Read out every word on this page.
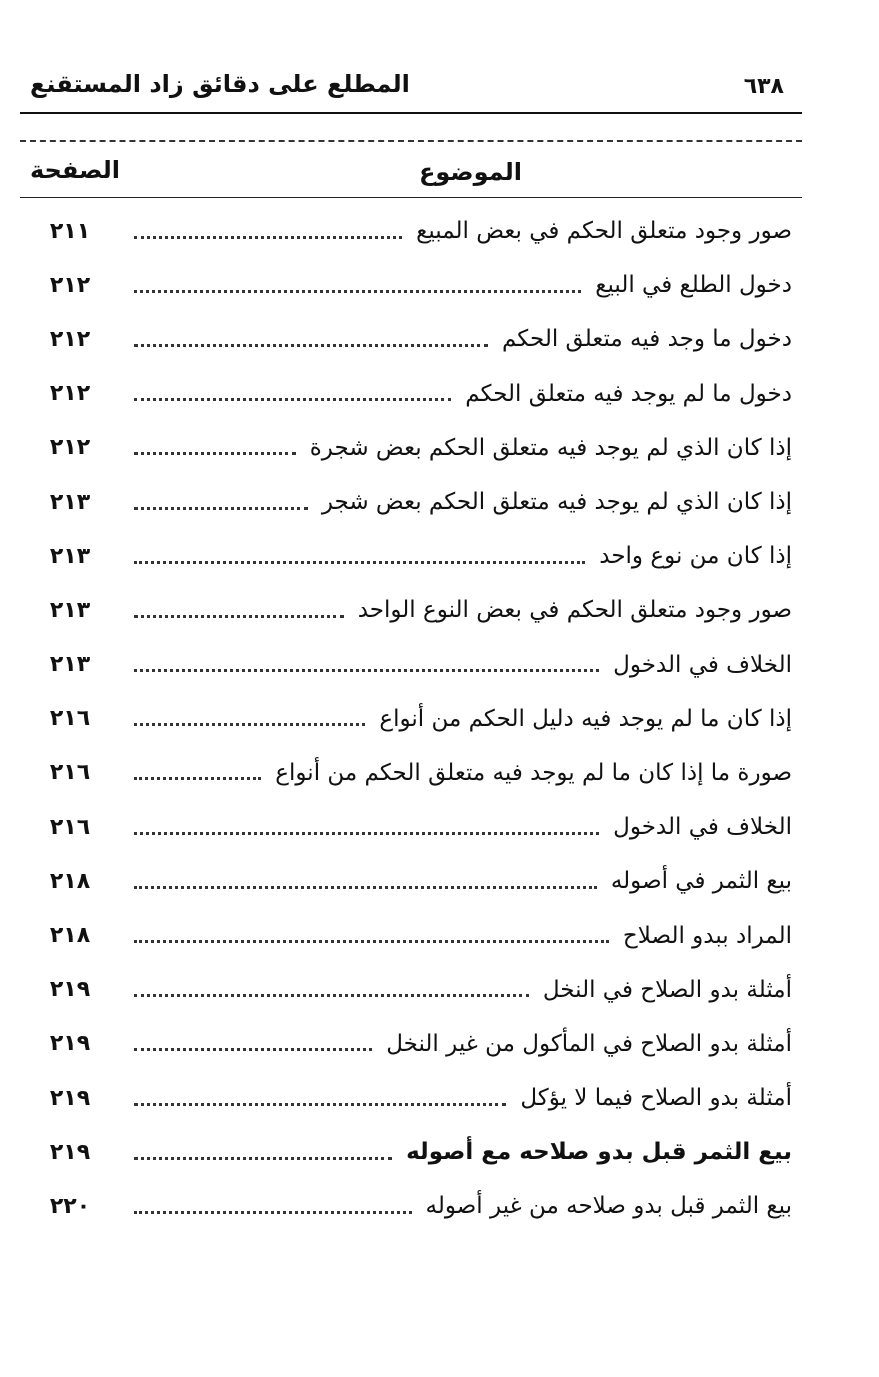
٦٣٨
المطلع على دقائق زاد المستقنع
الموضوع
الصفحة
صور وجود متعلق الحكم في بعض المبيع
٢١١
دخول الطلع في البيع
٢١٢
دخول ما وجد فيه متعلق الحكم
٢١٢
دخول ما لم يوجد فيه متعلق الحكم
٢١٢
إذا كان الذي لم يوجد فيه متعلق الحكم بعض شجرة
٢١٢
إذا كان الذي لم يوجد فيه متعلق الحكم بعض شجر
٢١٣
إذا كان من نوع واحد
٢١٣
صور وجود متعلق الحكم في بعض النوع الواحد
٢١٣
الخلاف في الدخول
٢١٣
إذا كان ما لم يوجد فيه دليل الحكم من أنواع
٢١٦
صورة ما إذا كان ما لم يوجد فيه متعلق الحكم من أنواع
٢١٦
الخلاف في الدخول
٢١٦
بيع الثمر في أصوله
٢١٨
المراد ببدو الصلاح
٢١٨
أمثلة بدو الصلاح في النخل
٢١٩
أمثلة بدو الصلاح في المأكول من غير النخل
٢١٩
أمثلة بدو الصلاح فيما لا يؤكل
٢١٩
بيع الثمر قبل بدو صلاحه مع أصوله
٢١٩
بيع الثمر قبل بدو صلاحه من غير أصوله
٢٢٠
